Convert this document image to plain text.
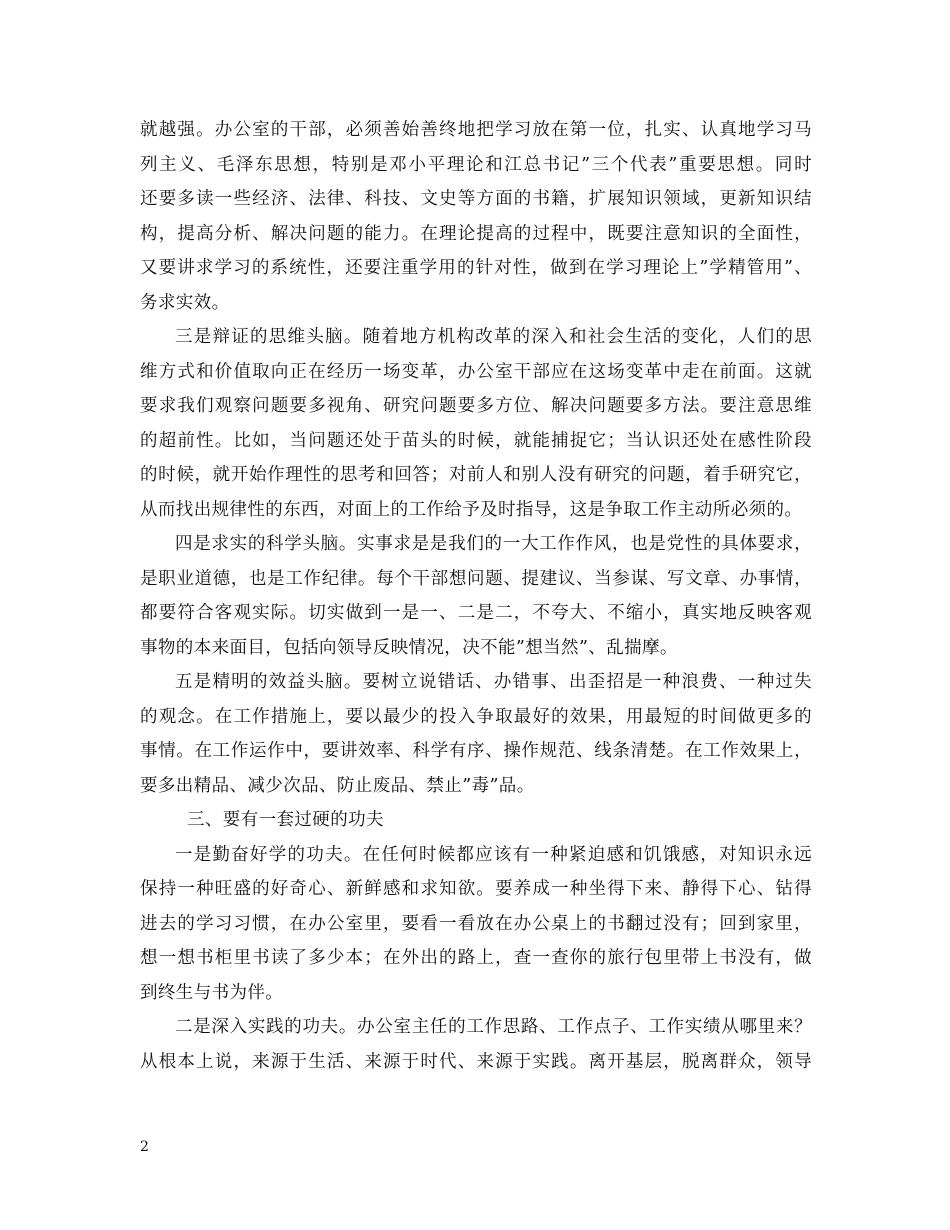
就越强。办公室的干部，必须善始善终地把学习放在第一位，扎实、认真地学习马
列主义、毛泽东思想，特别是邓小平理论和江总书记”三个代表”重要思想。同时
还要多读一些经济、法律、科技、文史等方面的书籍，扩展知识领域，更新知识结
构，提高分析、解决问题的能力。在理论提高的过程中，既要注意知识的全面性，
又要讲求学习的系统性，还要注重学用的针对性，做到在学习理论上”学精管用”、
务求实效。
三是辩证的思维头脑。随着地方机构改革的深入和社会生活的变化，人们的思
维方式和价值取向正在经历一场变革，办公室干部应在这场变革中走在前面。这就
要求我们观察问题要多视角、研究问题要多方位、解决问题要多方法。要注意思维
的超前性。比如，当问题还处于苗头的时候，就能捕捉它；当认识还处在感性阶段
的时候，就开始作理性的思考和回答；对前人和别人没有研究的问题，着手研究它，
从而找出规律性的东西，对面上的工作给予及时指导，这是争取工作主动所必须的。
四是求实的科学头脑。实事求是是我们的一大工作作风，也是党性的具体要求，
是职业道德，也是工作纪律。每个干部想问题、提建议、当参谋、写文章、办事情，
都要符合客观实际。切实做到一是一、二是二，不夸大、不缩小，真实地反映客观
事物的本来面目，包括向领导反映情况，决不能”想当然”、乱揣摩。
五是精明的效益头脑。要树立说错话、办错事、出歪招是一种浪费、一种过失
的观念。在工作措施上，要以最少的投入争取最好的效果，用最短的时间做更多的
事情。在工作运作中，要讲效率、科学有序、操作规范、线条清楚。在工作效果上，
要多出精品、减少次品、防止废品、禁止”毒”品。
三、要有一套过硬的功夫
一是勤奋好学的功夫。在任何时候都应该有一种紧迫感和饥饿感，对知识永远
保持一种旺盛的好奇心、新鲜感和求知欲。要养成一种坐得下来、静得下心、钻得
进去的学习习惯，在办公室里，要看一看放在办公桌上的书翻过没有；回到家里，
想一想书柜里书读了多少本；在外出的路上，查一查你的旅行包里带上书没有，做
到终生与书为伴。
二是深入实践的功夫。办公室主任的工作思路、工作点子、工作实绩从哪里来？
从根本上说，来源于生活、来源于时代、来源于实践。离开基层，脱离群众，领导
2
